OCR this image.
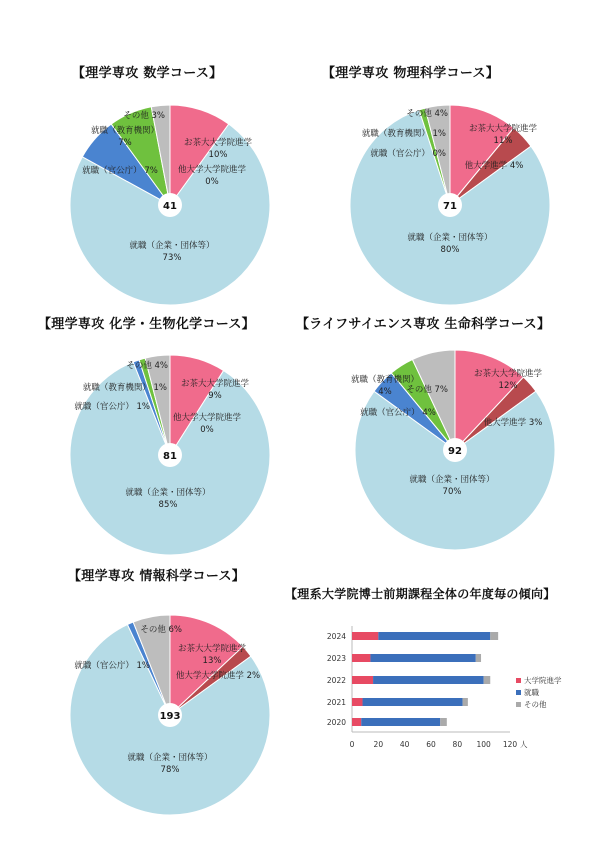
【理学専攻 数学コース】	【理学専攻 物理科学コース】
【理学専攻 化学・生物化学コース】	【ライフサイエンス専攻 生命科学コース】
【理学専攻 情報科学コース】
【理系大学院博士前期課程全体の年度毎の傾向】
41
その他 3%
お茶大大学院進学
10%
他大学大学院進学
0%
就職（教育機関）
7%
就職（官公庁） 7%
就職（企業・団体等）
73%
71
その他 4%
就職（教育機関） 1%
就職（官公庁） 0%
お茶大大学院進学
11%
他大学進学 4%
就職（企業・団体等）
80%
81
その他 4%
就職（教育機関） 1%
就職（官公庁） 1%
お茶大大学院進学
9%
他大学大学院進学
0%
就職（企業・団体等）
85%
92
就職（教育機関）
4% その他 7%
就職（官公庁） 4%
お茶大大学院進学
12%
他大学進学 3%
就職（企業・団体等）
70%
193
その他 6%
就職（官公庁） 1%
お茶大大学院進学
13%
他大学大学院進学 2%
就職（企業・団体等）
78%
2024
2023
2022
2021
2020
0	20 40 60 80 100 120 人
大学院進学
就職
その他
